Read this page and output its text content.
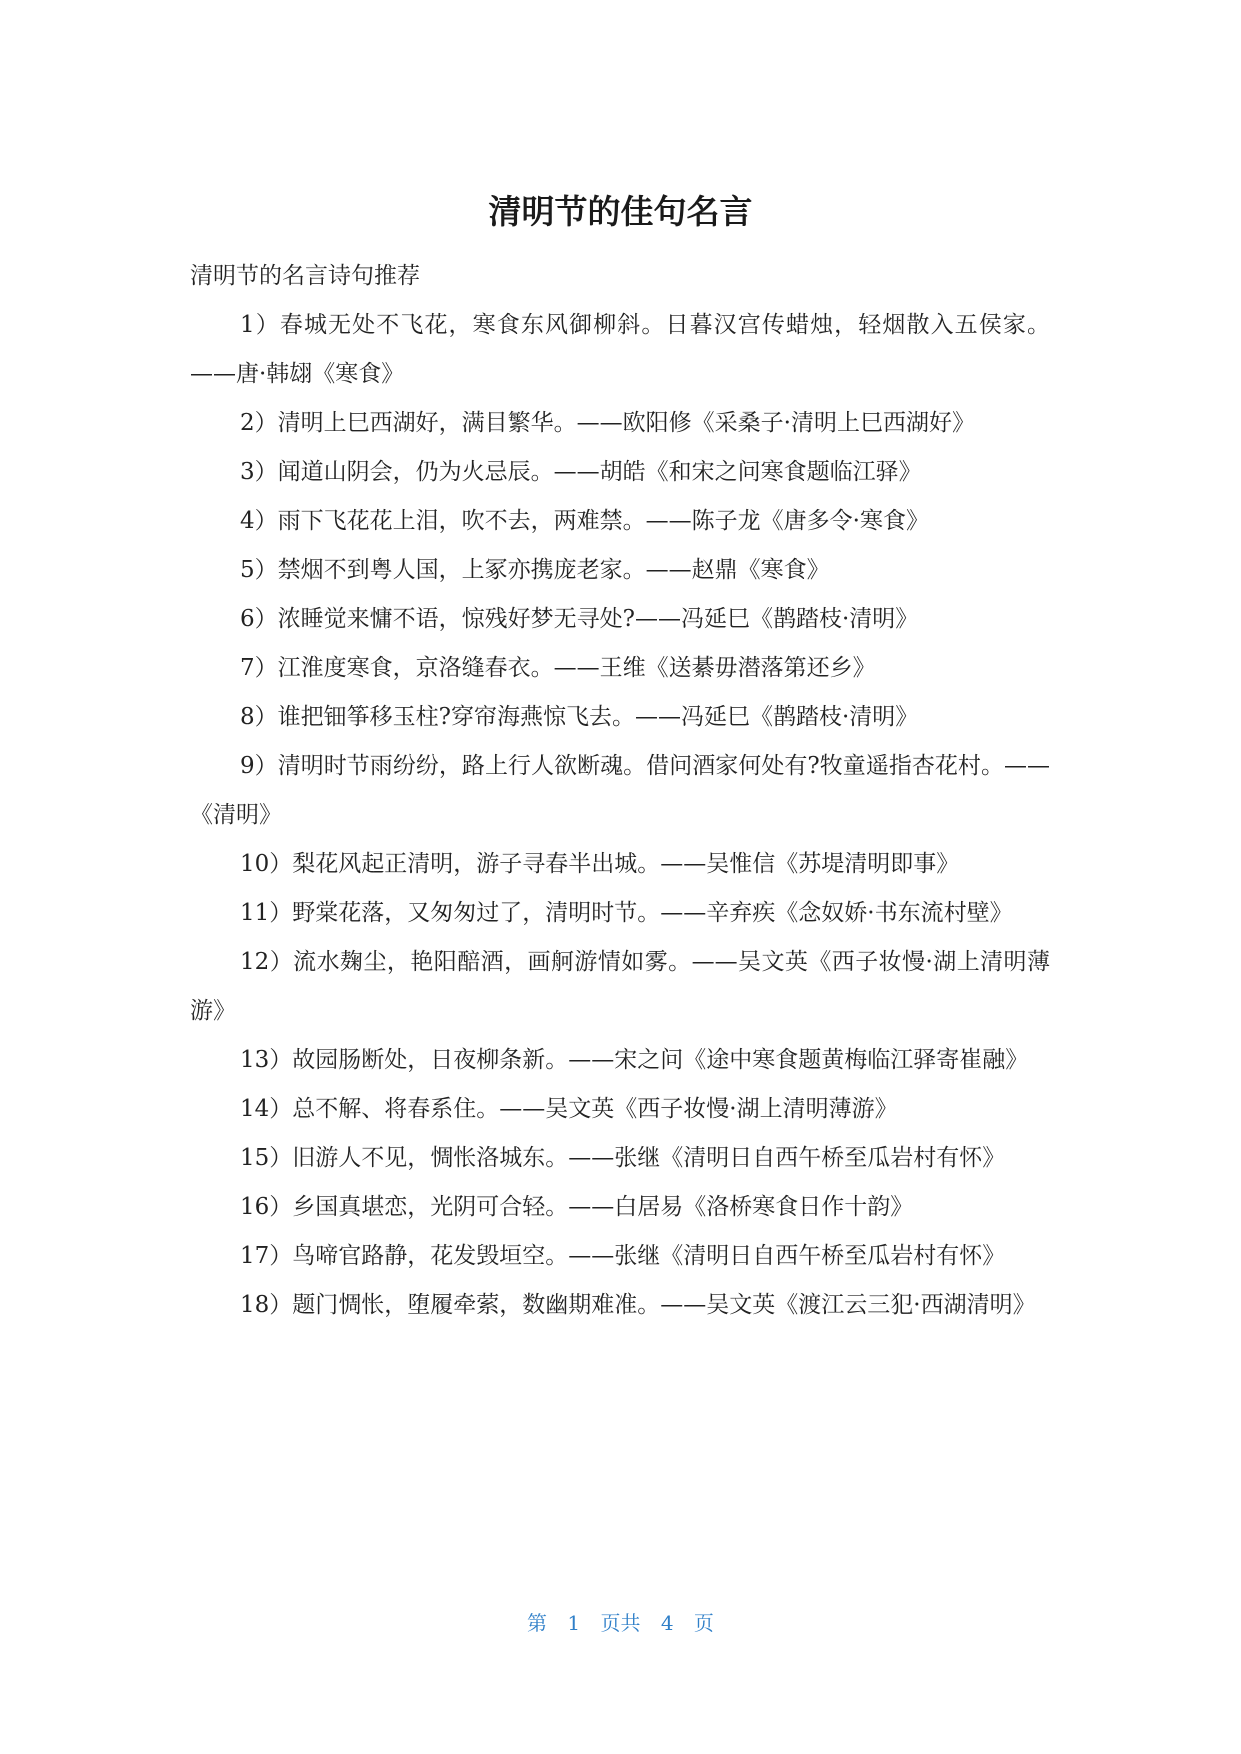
清明节的佳句名言

清明节的名言诗句推荐

1）春城无处不飞花，寒食东风御柳斜。日暮汉宫传蜡烛，轻烟散入五侯家。——唐·韩翃《寒食》
2）清明上巳西湖好，满目繁华。——欧阳修《采桑子·清明上巳西湖好》
3）闻道山阴会，仍为火忌辰。——胡皓《和宋之问寒食题临江驿》
4）雨下飞花花上泪，吹不去，两难禁。——陈子龙《唐多令·寒食》
5）禁烟不到粤人国，上冢亦携庞老家。——赵鼎《寒食》
6）浓睡觉来慵不语，惊残好梦无寻处?——冯延巳《鹊踏枝·清明》
7）江淮度寒食，京洛缝春衣。——王维《送綦毋潜落第还乡》
8）谁把钿筝移玉柱?穿帘海燕惊飞去。——冯延巳《鹊踏枝·清明》
9）清明时节雨纷纷，路上行人欲断魂。借问酒家何处有?牧童遥指杏花村。——《清明》
10）梨花风起正清明，游子寻春半出城。——吴惟信《苏堤清明即事》
11）野棠花落，又匆匆过了，清明时节。——辛弃疾《念奴娇·书东流村壁》
12）流水麹尘，艳阳醅酒，画舸游情如雾。——吴文英《西子妆慢·湖上清明薄游》
13）故园肠断处，日夜柳条新。——宋之问《途中寒食题黄梅临江驿寄崔融》
14）总不解、将春系住。——吴文英《西子妆慢·湖上清明薄游》
15）旧游人不见，惆怅洛城东。——张继《清明日自西午桥至瓜岩村有怀》
16）乡国真堪恋，光阴可合轻。——白居易《洛桥寒食日作十韵》
17）鸟啼官路静，花发毁垣空。——张继《清明日自西午桥至瓜岩村有怀》
18）题门惆怅，堕履牵萦，数幽期难准。——吴文英《渡江云三犯·西湖清明》
第 1 页共 4 页
